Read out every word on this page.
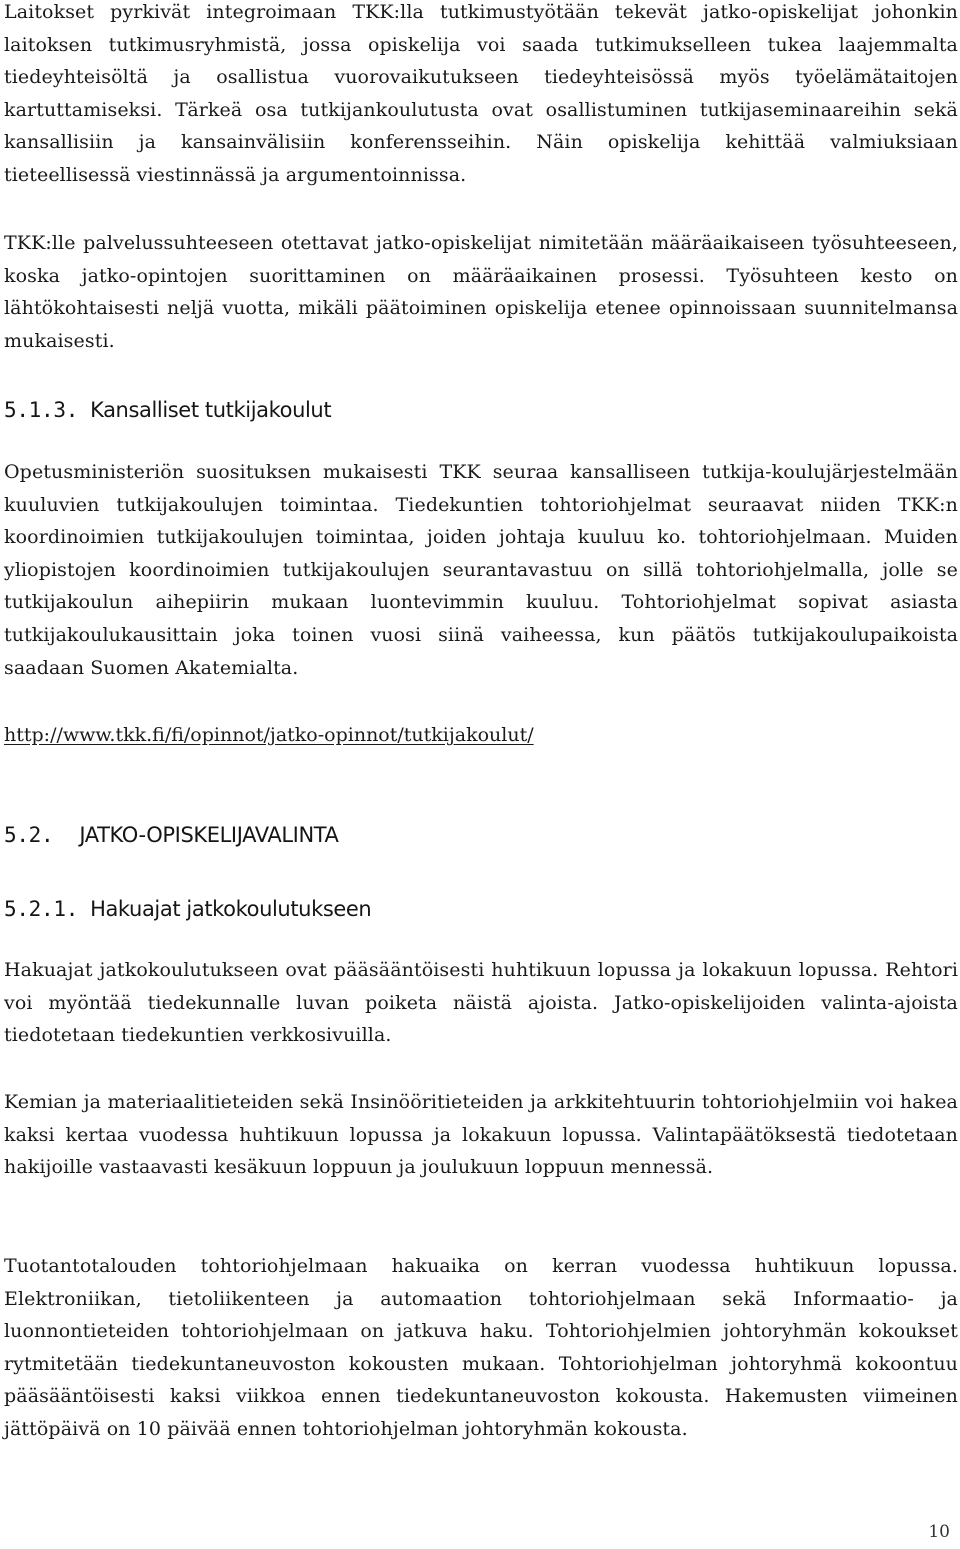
Laitokset pyrkivät integroimaan TKK:lla tutkimustyötään tekevät jatko-opiskelijat johonkin laitoksen tutkimusryhmistä, jossa opiskelija voi saada tutkimukselleen tukea laajemmalta tiedeyhteisöltä ja osallistua vuorovaikutukseen tiedeyhteisössä myös työelämätaitojen kartuttamiseksi. Tärkeä osa tutkijankoulutusta ovat osallistuminen tutkijaseminaareihin sekä kansallisiin ja kansainvälisiin konferensseihin. Näin opiskelija kehittää valmiuksiaan tieteellisessä viestinnässä ja argumentoinnissa.

TKK:lle palvelussuhteeseen otettavat jatko-opiskelijat nimitetään määräaikaiseen työsuhteeseen, koska jatko-opintojen suorittaminen on määräaikainen prosessi. Työsuhteen kesto on lähtökohtaisesti neljä vuotta, mikäli päätoiminen opiskelija etenee opinnoissaan suunnitelmansa mukaisesti.

5.1.3. Kansalliset tutkijakoulut

Opetusministeriön suosituksen mukaisesti TKK seuraa kansalliseen tutkija-koulujärjestelmään kuuluvien tutkijakoulujen toimintaa. Tiedekuntien tohtoriohjelmat seuraavat niiden TKK:n koordinoimien tutkijakoulujen toimintaa, joiden johtaja kuuluu ko. tohtoriohjelmaan. Muiden yliopistojen koordinoimien tutkijakoulujen seurantavastuu on sillä tohtoriohjelmalla, jolle se tutkijakoulun aihepiirin mukaan luontevimmin kuuluu. Tohtoriohjelmat sopivat asiasta tutkijakoulukausittain joka toinen vuosi siinä vaiheessa, kun päätös tutkijakoulupaikoista saadaan Suomen Akatemialta.

http://www.tkk.fi/fi/opinnot/jatko-opinnot/tutkijakoulut/
5.2. JATKO-OPISKELIJAVALINTA
5.2.1. Hakuajat jatkokoulutukseen

Hakuajat jatkokoulutukseen ovat pääsääntöisesti huhtikuun lopussa ja lokakuun lopussa. Rehtori voi myöntää tiedekunnalle luvan poiketa näistä ajoista. Jatko-opiskelijoiden valinta-ajoista tiedotetaan tiedekuntien verkkosivuilla.

Kemian ja materiaalitieteiden sekä Insinööritieteiden ja arkkitehtuurin tohtoriohjelmiin voi hakea kaksi kertaa vuodessa huhtikuun lopussa ja lokakuun lopussa. Valintapäätöksestä tiedotetaan hakijoille vastaavasti kesäkuun loppuun ja joulukuun loppuun mennessä.

Tuotantotalouden tohtoriohjelmaan hakuaika on kerran vuodessa huhtikuun lopussa. Elektroniikan, tietoliikenteen ja automaation tohtoriohjelmaan sekä Informaatio- ja luonnontieteiden tohtoriohjelmaan on jatkuva haku. Tohtoriohjelmien johtoryhmän kokoukset rytmitetään tiedekuntaneuvoston kokousten mukaan. Tohtoriohjelman johtoryhmä kokoontuu pääsääntöisesti kaksi viikkoa ennen tiedekuntaneuvoston kokousta. Hakemusten viimeinen jättöpäivä on 10 päivää ennen tohtoriohjelman johtoryhmän kokousta.

10
